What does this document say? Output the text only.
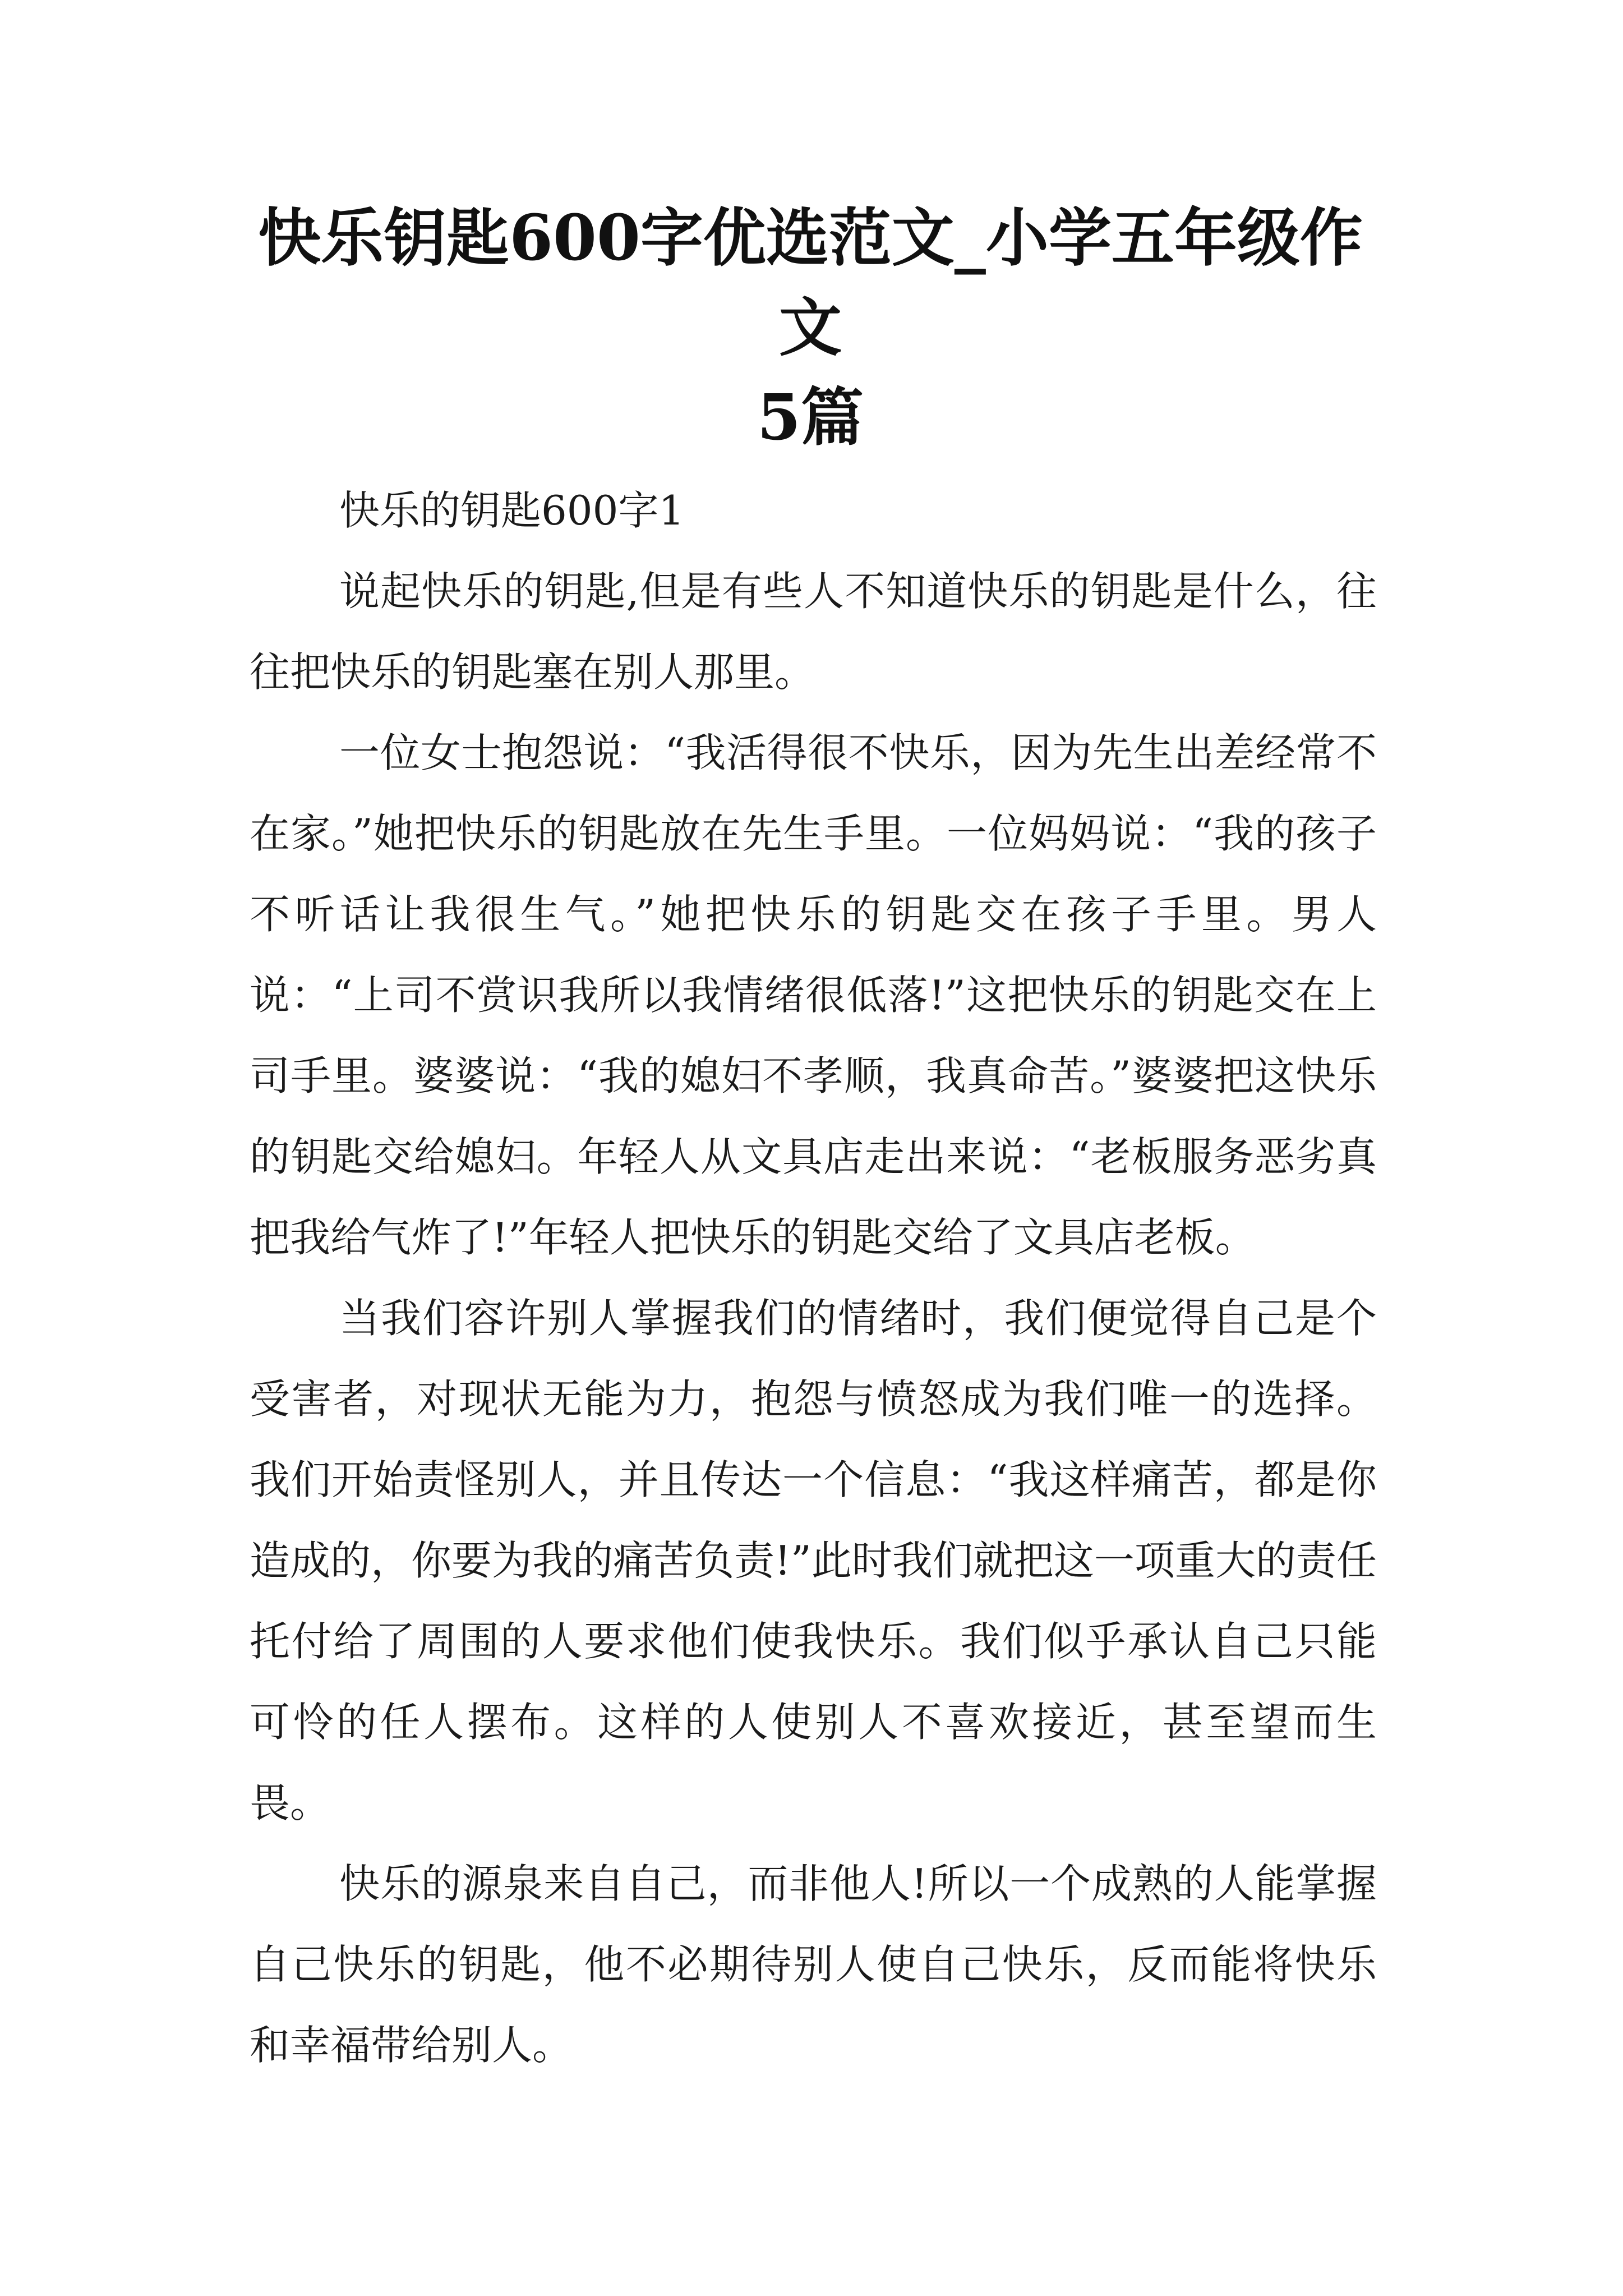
快乐钥匙600字优选范文_小学五年级作文
5篇

快乐的钥匙600字1

说起快乐的钥匙,但是有些人不知道快乐的钥匙是什么，往往把快乐的钥匙塞在别人那里。

一位女士抱怨说：“我活得很不快乐，因为先生出差经常不在家。”她把快乐的钥匙放在先生手里。一位妈妈说：“我的孩子不听话让我很生气。”她把快乐的钥匙交在孩子手里。男人说：“上司不赏识我所以我情绪很低落!”这把快乐的钥匙交在上司手里。婆婆说：“我的媳妇不孝顺，我真命苦。”婆婆把这快乐的钥匙交给媳妇。年轻人从文具店走出来说：“老板服务恶劣真把我给气炸了!”年轻人把快乐的钥匙交给了文具店老板。

当我们容许别人掌握我们的情绪时，我们便觉得自己是个受害者，对现状无能为力，抱怨与愤怒成为我们唯一的选择。我们开始责怪别人，并且传达一个信息：“我这样痛苦，都是你造成的，你要为我的痛苦负责!”此时我们就把这一项重大的责任托付给了周围的人要求他们使我快乐。我们似乎承认自己只能可怜的任人摆布。这样的人使别人不喜欢接近，甚至望而生畏。

快乐的源泉来自自己，而非他人!所以一个成熟的人能掌握自己快乐的钥匙，他不必期待别人使自己快乐，反而能将快乐和幸福带给别人。
